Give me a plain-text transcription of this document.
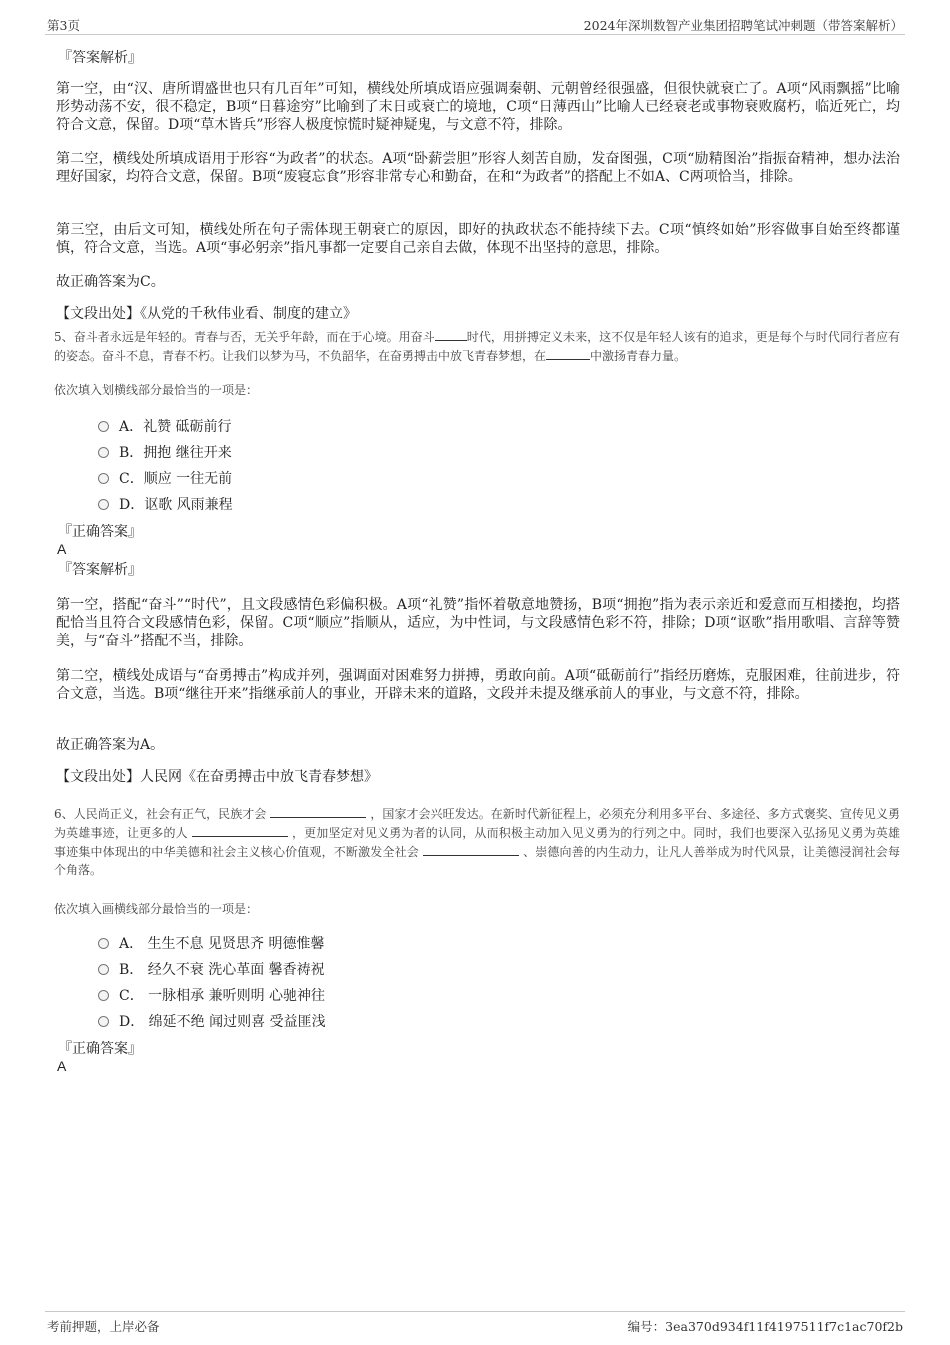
第3页	2024年深圳数智产业集团招聘笔试冲刺题（带答案解析）
『答案解析』

第一空，由“汉、唐所谓盛世也只有几百年”可知，横线处所填成语应强调秦朝、元朝曾经很强盛，但很快就衰亡了。A项“风雨飘摇”比喻形势动荡不安，很不稳定，B项“日暮途穷”比喻到了末日或衰亡的境地，C项“日薄西山”比喻人已经衰老或事物衰败腐朽，临近死亡，均符合文意，保留。D项“草木皆兵”形容人极度惊慌时疑神疑鬼，与文意不符，排除。

第二空，横线处所填成语用于形容“为政者”的状态。A项“卧薪尝胆”形容人刻苦自励，发奋图强，C项“励精图治”指振奋精神，想办法治理好国家，均符合文意，保留。B项“废寝忘食”形容非常专心和勤奋，在和“为政者”的搭配上不如A、C两项恰当，排除。

第三空，由后文可知，横线处所在句子需体现王朝衰亡的原因，即好的执政状态不能持续下去。C项“慎终如始”形容做事自始至终都谨慎，符合文意，当选。A项“事必躬亲”指凡事都一定要自己亲自去做，体现不出坚持的意思，排除。

故正确答案为C。
【文段出处】《从党的千秋伟业看、制度的建立》

5、奋斗者永远是年轻的。青春与否，无关乎年龄，而在于心境。用奋斗	时代，用拼搏定义未来，这不仅是年轻人该有的追求，更是每个与时代同行者应有的姿态。奋斗不息，青春不朽。让我们以梦为马，不负韶华，在奋勇搏击中放飞青春梦想，在	中激扬青春力量。

依次填入划横线部分最恰当的一项是：
A．礼赞 砥砺前行
B．拥抱 继往开来
C．顺应 一往无前
D．讴歌 风雨兼程
『正确答案』
A
『答案解析』

第一空，搭配“奋斗”“时代”，且文段感情色彩偏积极。A项“礼赞”指怀着敬意地赞扬，B项“拥抱”指为表示亲近和爱意而互相搂抱，均搭配恰当且符合文段感情色彩，保留。C项“顺应”指顺从，适应，为中性词，与文段感情色彩不符，排除；D项“讴歌”指用歌唱、言辞等赞美，与“奋斗”搭配不当，排除。

第二空，横线处成语与“奋勇搏击”构成并列，强调面对困难努力拼搏，勇敢向前。A项“砥砺前行”指经历磨炼，克服困难，往前进步，符合文意，当选。B项“继往开来”指继承前人的事业，开辟未来的道路，文段并未提及继承前人的事业，与文意不符，排除。

故正确答案为A。
【文段出处】人民网《在奋勇搏击中放飞青春梦想》

6、人民尚正义，社会有正气，民族才会	，国家才会兴旺发达。在新时代新征程上，必须充分利用多平台、多途径、多方式褒奖、宣传见义勇为英雄事迹，让更多的人	，更加坚定对见义勇为者的认同，从而积极主动加入见义勇为的行列之中。同时，我们也要深入弘扬见义勇为英雄事迹集中体现出的中华美德和社会主义核心价值观，不断激发全社会	、崇德向善的内生动力，让凡人善举成为时代风景，让美德浸润社会每个角落。

依次填入画横线部分最恰当的一项是：
A． 生生不息 见贤思齐 明德惟馨
B． 经久不衰 洗心革面 馨香祷祝
C． 一脉相承 兼听则明 心驰神往
D． 绵延不绝 闻过则喜 受益匪浅
『正确答案』
A
考前押题，上岸必备	编号：3ea370d934f11f4197511f7c1ac70f2b
